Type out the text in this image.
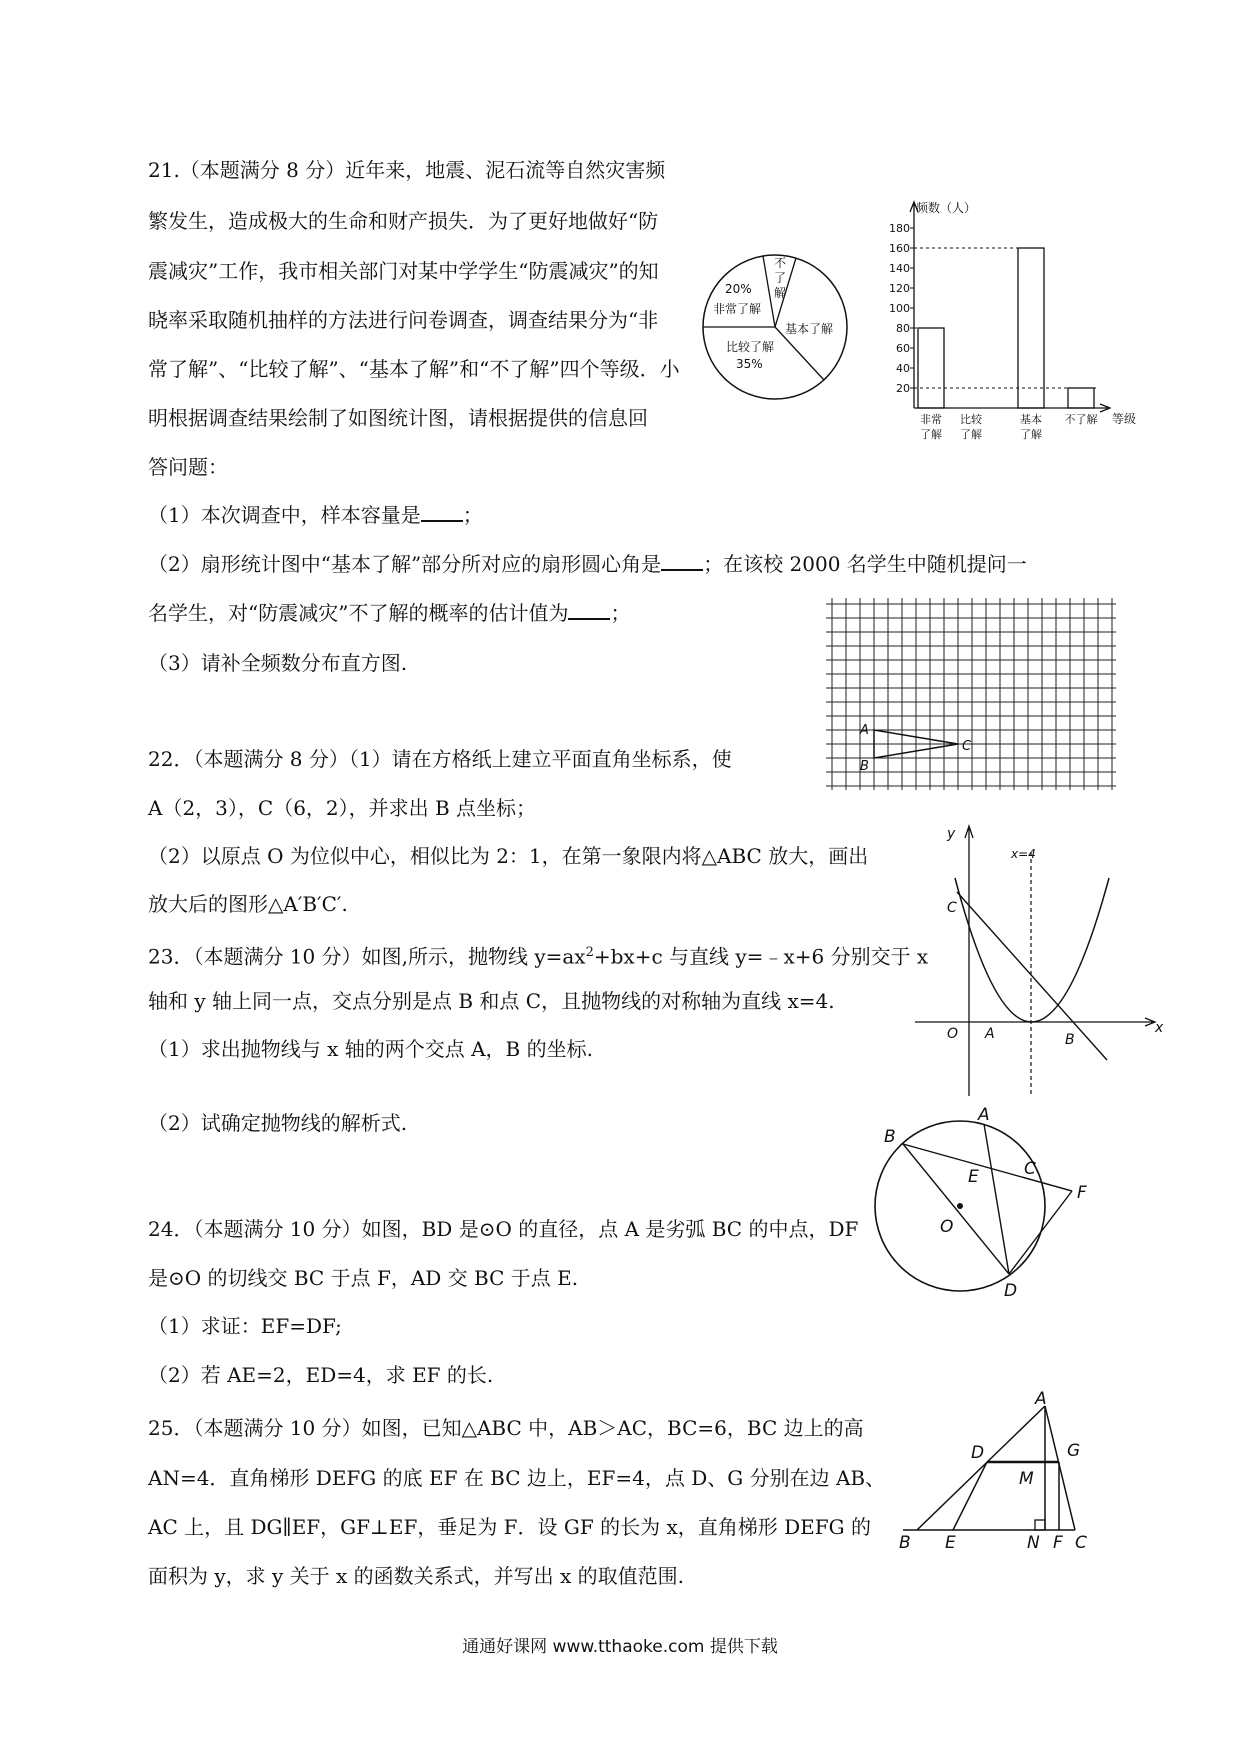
21.（本题满分 8 分）近年来，地震、泥石流等自然灾害频
繁发生，造成极大的生命和财产损失．为了更好地做好“防
震减灾”工作，我市相关部门对某中学学生“防震减灾”的知
晓率采取随机抽样的方法进行问卷调查，调查结果分为“非
常了解”、“比较了解”、“基本了解”和“不了解”四个等级．小
明根据调查结果绘制了如图统计图，请根据提供的信息回
答问题：
（1）本次调查中，样本容量是 ；
（2）扇形统计图中“基本了解”部分所对应的扇形圆心角是 ；在该校 2000 名学生中随机提问一
名学生，对“防震减灾”不了解的概率的估计值为 ；
（3）请补全频数分布直方图.
20%
非常了解
不
了
解
基本了解
比较了解
35%
频数（人）
等级
20
40
60
80
100
120
140
160
180
非常
了解
比较
了解
基本
了解
不了解
A
B
C
22．（本题满分 8 分）（1）请在方格纸上建立平面直角坐标系，使
A（2，3），C（6，2），并求出 B 点坐标；
（2）以原点 O 为位似中心，相似比为 2：1，在第一象限内将△ABC 放大，画出
放大后的图形△A′B′C′.
y
x
x=4
C
O A	B
23．（本题满分 10 分）如图,所示，抛物线 $y=ax^2+bx+c$ 与直线 y=﹣x+6 分别交于 x
轴和 y 轴上同一点，交点分别是点 B 和点 C，且抛物线的对称轴为直线 x=4.
（1）求出抛物线与 x 轴的两个交点 A，B 的坐标.
（2）试确定抛物线的解析式.
B
A
C
E
O
F
D
24．（本题满分 10 分）如图，BD 是⊙O 的直径，点 A 是劣弧 BC 的中点，DF
是⊙O 的切线交 BC 于点 F，AD 交 BC 于点 E.
（1）求证：EF=DF;
（2）若 AE=2，ED=4，求 EF 的长.
A
D	G
M
B E	N F C
25．（本题满分 10 分）如图，已知△ABC 中，AB＞AC，BC=6，BC 边上的高
AN=4．直角梯形 DEFG 的底 EF 在 BC 边上，EF=4，点 D、G 分别在边 AB、
AC 上，且 DG∥EF，GF⊥EF，垂足为 F．设 GF 的长为 x，直角梯形 DEFG 的
面积为 y，求 y 关于 x 的函数关系式，并写出 x 的取值范围.
通通好课网 www.tthaoke.com 提供下载
